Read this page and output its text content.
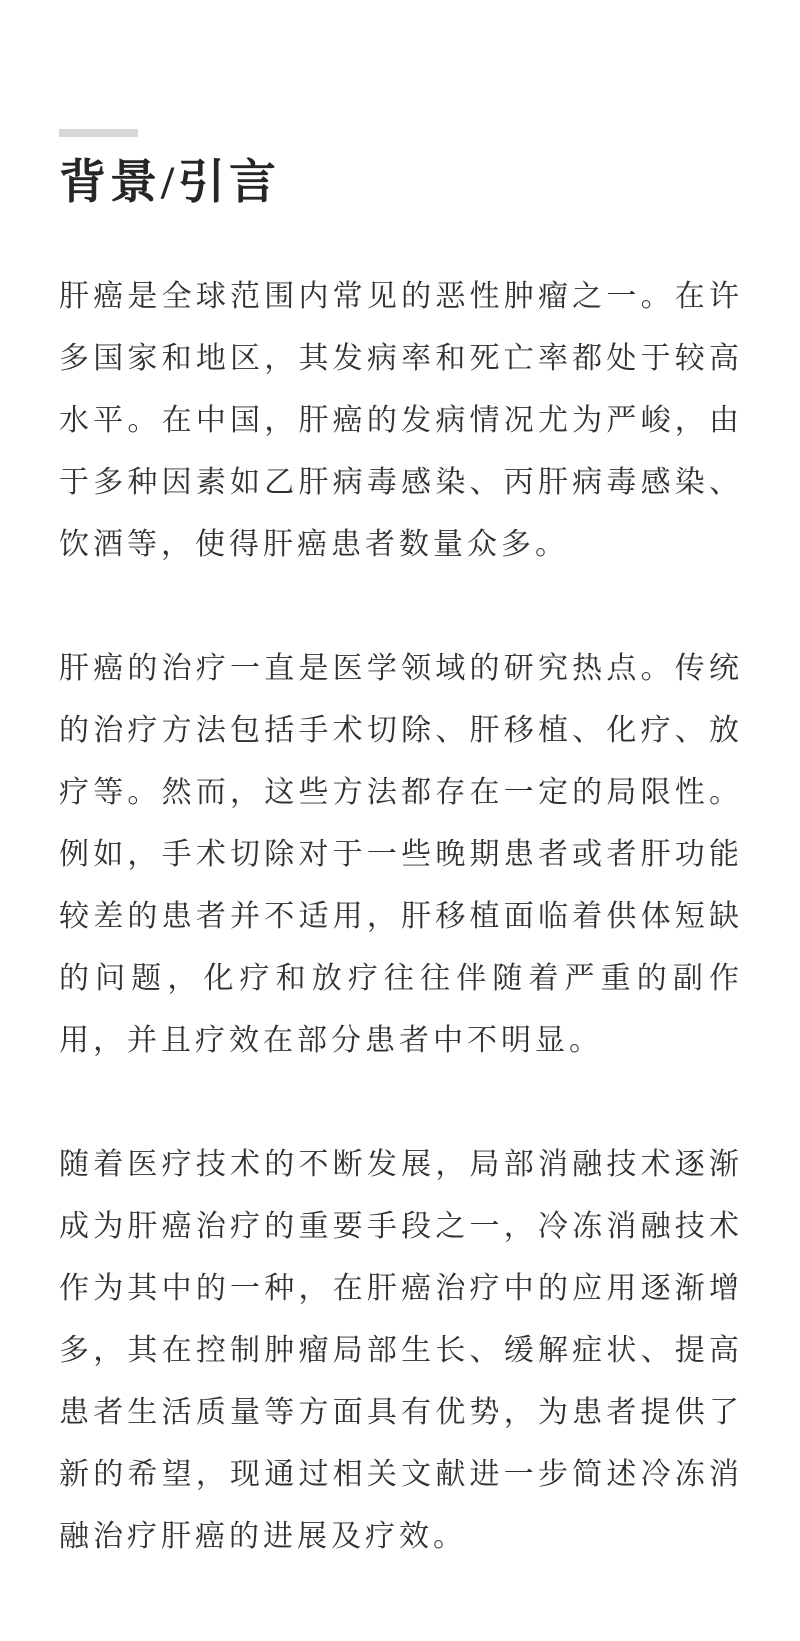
背景/引言

肝癌是全球范围内常见的恶性肿瘤之一。在许多国家和地区，其发病率和死亡率都处于较高水平。在中国，肝癌的发病情况尤为严峻，由于多种因素如乙肝病毒感染、丙肝病毒感染、饮酒等，使得肝癌患者数量众多。

肝癌的治疗一直是医学领域的研究热点。传统的治疗方法包括手术切除、肝移植、化疗、放疗等。然而，这些方法都存在一定的局限性。例如，手术切除对于一些晚期患者或者肝功能较差的患者并不适用，肝移植面临着供体短缺的问题，化疗和放疗往往伴随着严重的副作用，并且疗效在部分患者中不明显。

随着医疗技术的不断发展，局部消融技术逐渐成为肝癌治疗的重要手段之一，冷冻消融技术作为其中的一种，在肝癌治疗中的应用逐渐增多，其在控制肿瘤局部生长、缓解症状、提高患者生活质量等方面具有优势，为患者提供了新的希望，现通过相关文献进一步简述冷冻消融治疗肝癌的进展及疗效。
